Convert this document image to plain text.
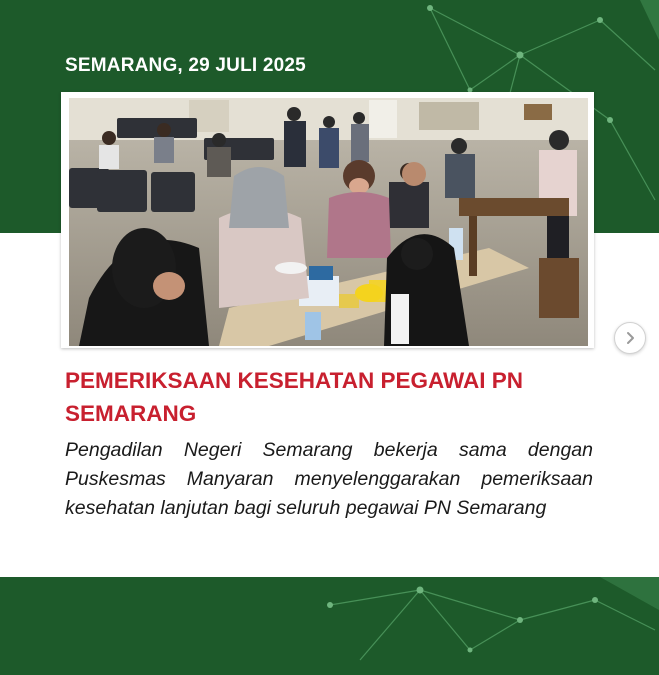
SEMARANG, 29 JULI 2025
PEMERIKSAAN KESEHATAN PEGAWAI PN SEMARANG
Pengadilan Negeri Semarang bekerja sama dengan Puskesmas Manyaran menyelenggarakan pemeriksaan kesehatan lanjutan bagi seluruh pegawai PN Semarang
